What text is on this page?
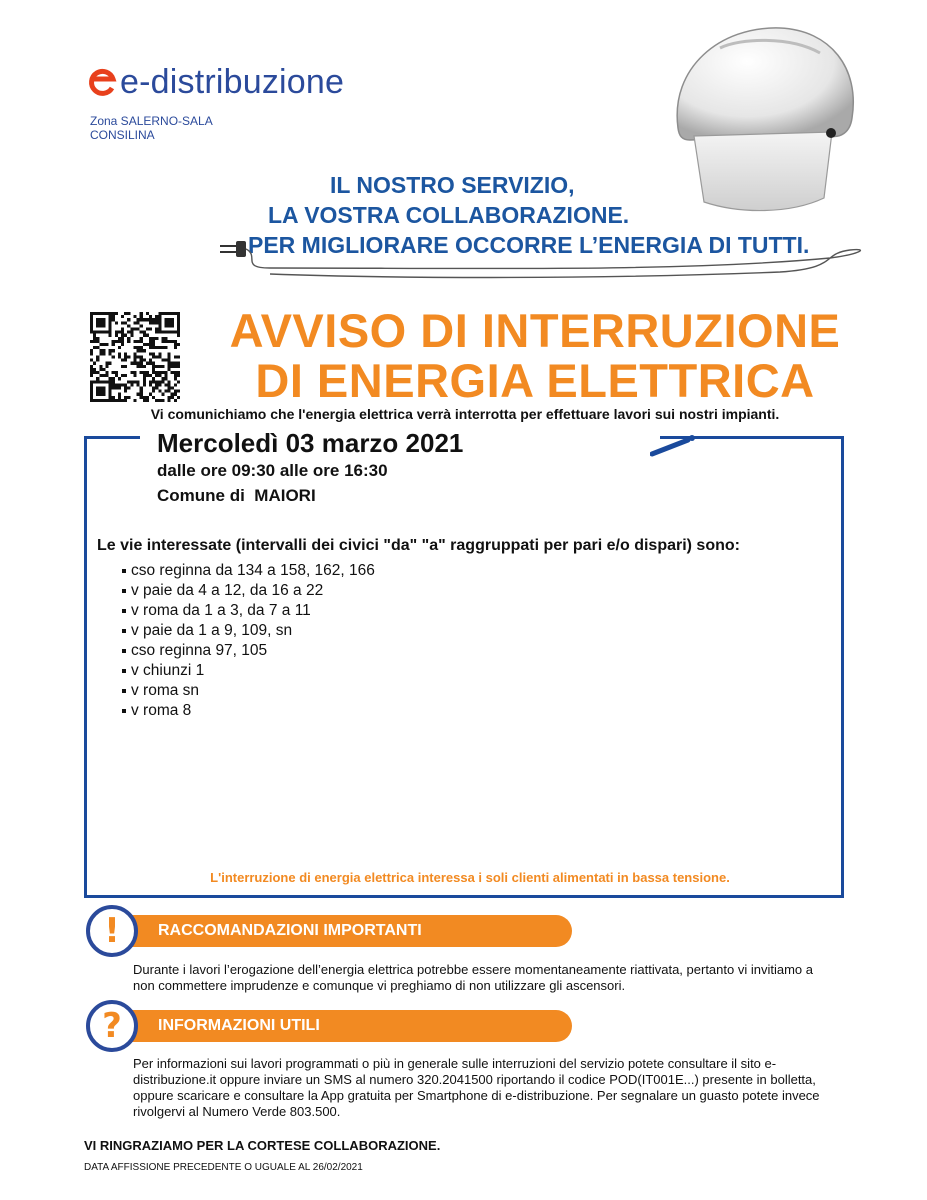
e-distribuzione
Zona SALERNO-SALA
CONSILINA
IL NOSTRO SERVIZIO,
LA VOSTRA COLLABORAZIONE.
PER MIGLIORARE OCCORRE L’ENERGIA DI TUTTI.
AVVISO DI INTERRUZIONE
DI ENERGIA ELETTRICA
Vi comunichiamo che l'energia elettrica verrà interrotta per effettuare lavori sui nostri impianti.
Mercoledì 03 marzo 2021
dalle ore 09:30 alle ore 16:30
Comune di  MAIORI
Le vie interessate (intervalli dei civici "da" "a" raggruppati per pari e/o dispari) sono:
cso reginna da 134 a 158, 162, 166
v paie da 4 a 12, da 16 a 22
v roma da 1 a 3, da 7 a 11
v paie da 1 a 9, 109, sn
cso reginna 97, 105
v chiunzi 1
v roma sn
v roma 8
L'interruzione di energia elettrica interessa i soli clienti alimentati in bassa tensione.
RACCOMANDAZIONI IMPORTANTI
!
Durante i lavori l’erogazione dell’energia elettrica potrebbe essere momentaneamente riattivata, pertanto vi invitiamo a non commettere imprudenze e comunque vi preghiamo di non utilizzare gli ascensori.
INFORMAZIONI UTILI
?
Per informazioni sui lavori programmati o più in generale sulle interruzioni del servizio potete consultare il sito e-distribuzione.it oppure inviare un SMS al numero 320.2041500 riportando il codice POD(IT001E...) presente in bolletta, oppure scaricare e consultare la App gratuita per Smartphone di e-distribuzione. Per segnalare un guasto potete invece rivolgervi al Numero Verde 803.500.
VI RINGRAZIAMO PER LA CORTESE COLLABORAZIONE.
DATA AFFISSIONE PRECEDENTE O UGUALE AL 26/02/2021
